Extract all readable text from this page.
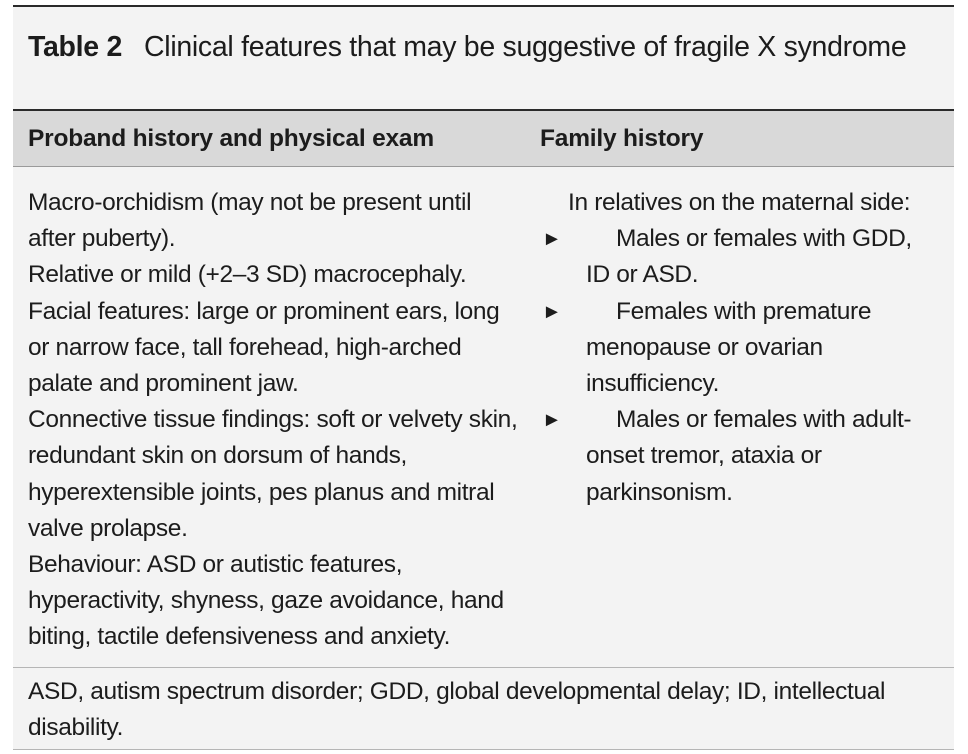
Table 2 Clinical features that may be suggestive of fragile X syndrome
Proband history and physical exam	Family history

Macro-orchidism (may not be present until after puberty).

Relative or mild (+2–3 SD) macrocephaly.

Facial features: large or prominent ears, long or narrow face, tall forehead, high-arched palate and prominent jaw.

Connective tissue findings: soft or velvety skin, redundant skin on dorsum of hands, hyperextensible joints, pes planus and mitral valve prolapse.

Behaviour: ASD or autistic features, hyperactivity, shyness, gaze avoidance, hand biting, tactile defensiveness and anxiety.

In relatives on the maternal side:
► Males or females with GDD, ID or ASD.
► Females with premature menopause or ovarian insufficiency.
► Males or females with adult-onset tremor, ataxia or parkinsonism.
ASD, autism spectrum disorder; GDD, global developmental delay; ID, intellectual disability.
